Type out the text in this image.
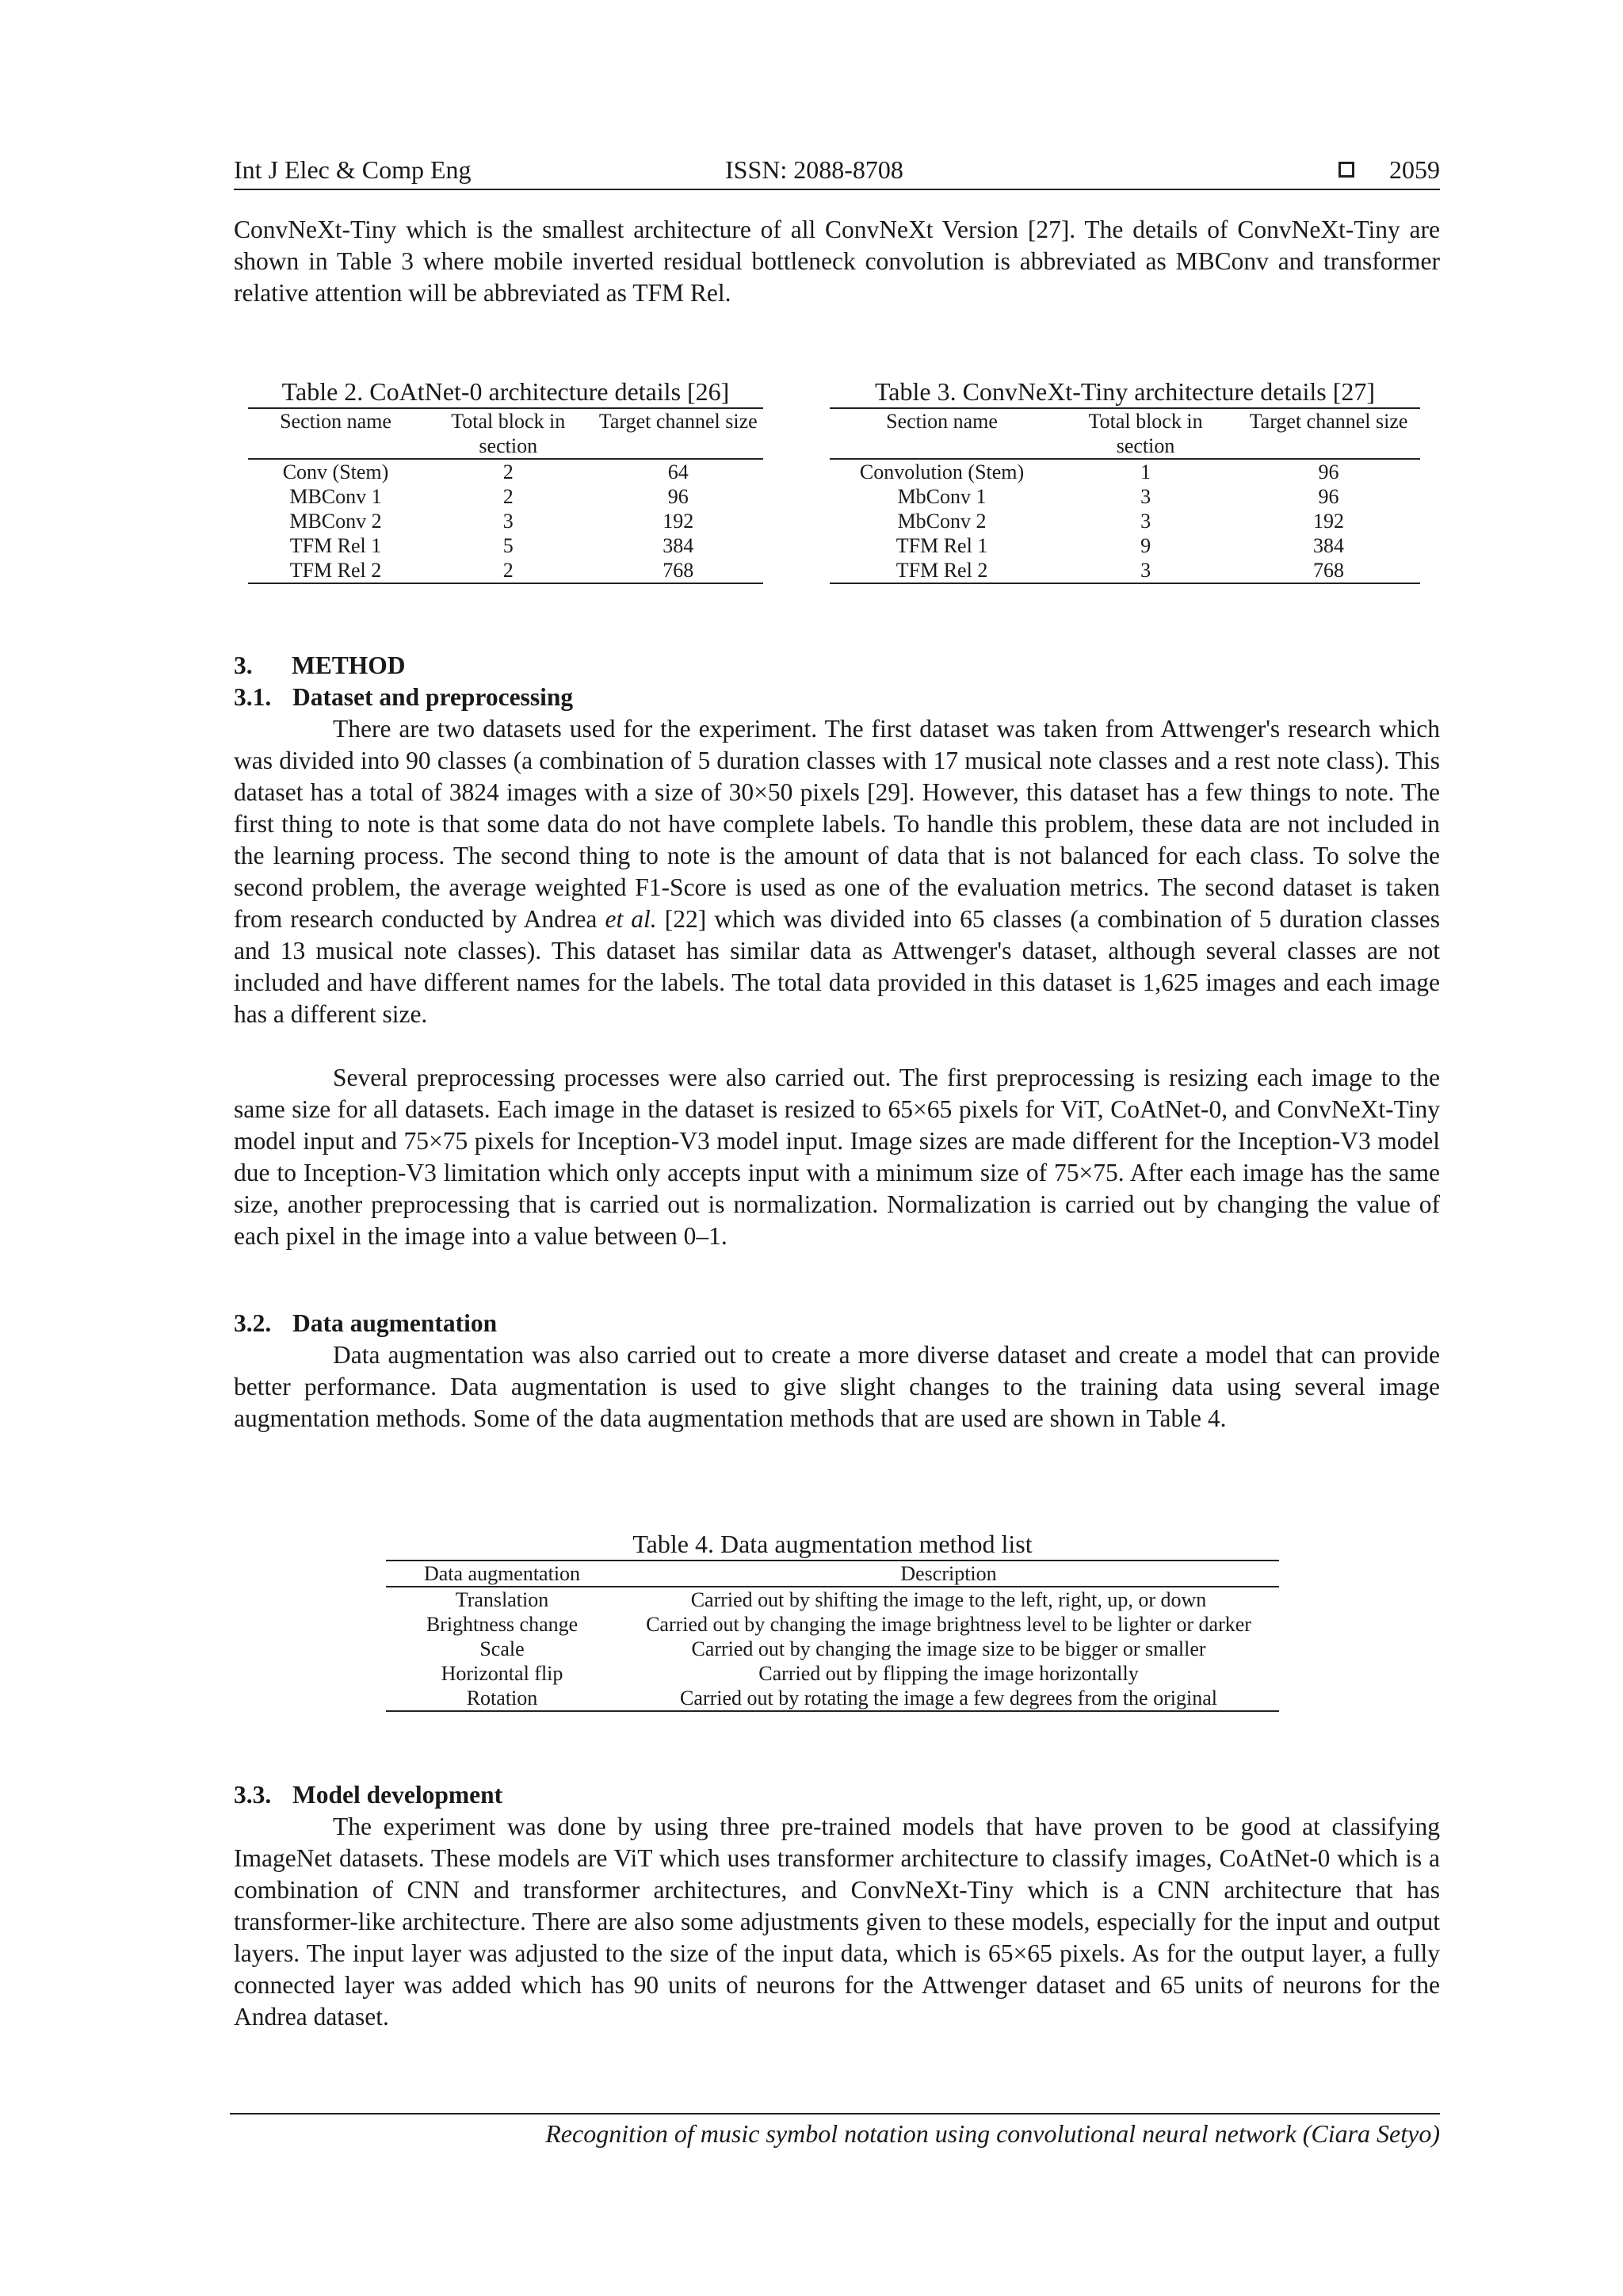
Int J Elec & Comp Eng	ISSN: 2088-8708	2059

ConvNeXt-Tiny which is the smallest architecture of all ConvNeXt Version [27]. The details of ConvNeXt-Tiny are shown in Table 3 where mobile inverted residual bottleneck convolution is abbreviated as MBConv and transformer relative attention will be abbreviated as TFM Rel.

Table 2. CoAtNet-0 architecture details [26]
Section name	Total block in section	Target channel size
Conv (Stem)	2	64
MBConv 1	2	96
MBConv 2	3	192
TFM Rel 1	5	384
TFM Rel 2	2	768
Table 3. ConvNeXt-Tiny architecture details [27]
Section name	Total block in section	Target channel size
Convolution (Stem)	1	96
MbConv 1	3	96
MbConv 2	3	192
TFM Rel 1	9	384
TFM Rel 2	3	768

3. METHOD

3.1. Dataset and preprocessing

There are two datasets used for the experiment. The first dataset was taken from Attwenger's research which was divided into 90 classes (a combination of 5 duration classes with 17 musical note classes and a rest note class). This dataset has a total of 3824 images with a size of 30×50 pixels [29]. However, this dataset has a few things to note. The first thing to note is that some data do not have complete labels. To handle this problem, these data are not included in the learning process. The second thing to note is the amount of data that is not balanced for each class. To solve the second problem, the average weighted F1-Score is used as one of the evaluation metrics. The second dataset is taken from research conducted by Andrea et al. [22] which was divided into 65 classes (a combination of 5 duration classes and 13 musical note classes). This dataset has similar data as Attwenger's dataset, although several classes are not included and have different names for the labels. The total data provided in this dataset is 1,625 images and each image has a different size.

Several preprocessing processes were also carried out. The first preprocessing is resizing each image to the same size for all datasets. Each image in the dataset is resized to 65×65 pixels for ViT, CoAtNet-0, and ConvNeXt-Tiny model input and 75×75 pixels for Inception-V3 model input. Image sizes are made different for the Inception-V3 model due to Inception-V3 limitation which only accepts input with a minimum size of 75×75. After each image has the same size, another preprocessing that is carried out is normalization. Normalization is carried out by changing the value of each pixel in the image into a value between 0–1.

3.2. Data augmentation

Data augmentation was also carried out to create a more diverse dataset and create a model that can provide better performance. Data augmentation is used to give slight changes to the training data using several image augmentation methods. Some of the data augmentation methods that are used are shown in Table 4.

Table 4. Data augmentation method list
Data augmentation	Description
Translation	Carried out by shifting the image to the left, right, up, or down
Brightness change	Carried out by changing the image brightness level to be lighter or darker
Scale	Carried out by changing the image size to be bigger or smaller
Horizontal flip	Carried out by flipping the image horizontally
Rotation	Carried out by rotating the image a few degrees from the original

3.3. Model development

The experiment was done by using three pre-trained models that have proven to be good at classifying ImageNet datasets. These models are ViT which uses transformer architecture to classify images, CoAtNet-0 which is a combination of CNN and transformer architectures, and ConvNeXt-Tiny which is a CNN architecture that has transformer-like architecture. There are also some adjustments given to these models, especially for the input and output layers. The input layer was adjusted to the size of the input data, which is 65×65 pixels. As for the output layer, a fully connected layer was added which has 90 units of neurons for the Attwenger dataset and 65 units of neurons for the Andrea dataset.

Recognition of music symbol notation using convolutional neural network (Ciara Setyo)
